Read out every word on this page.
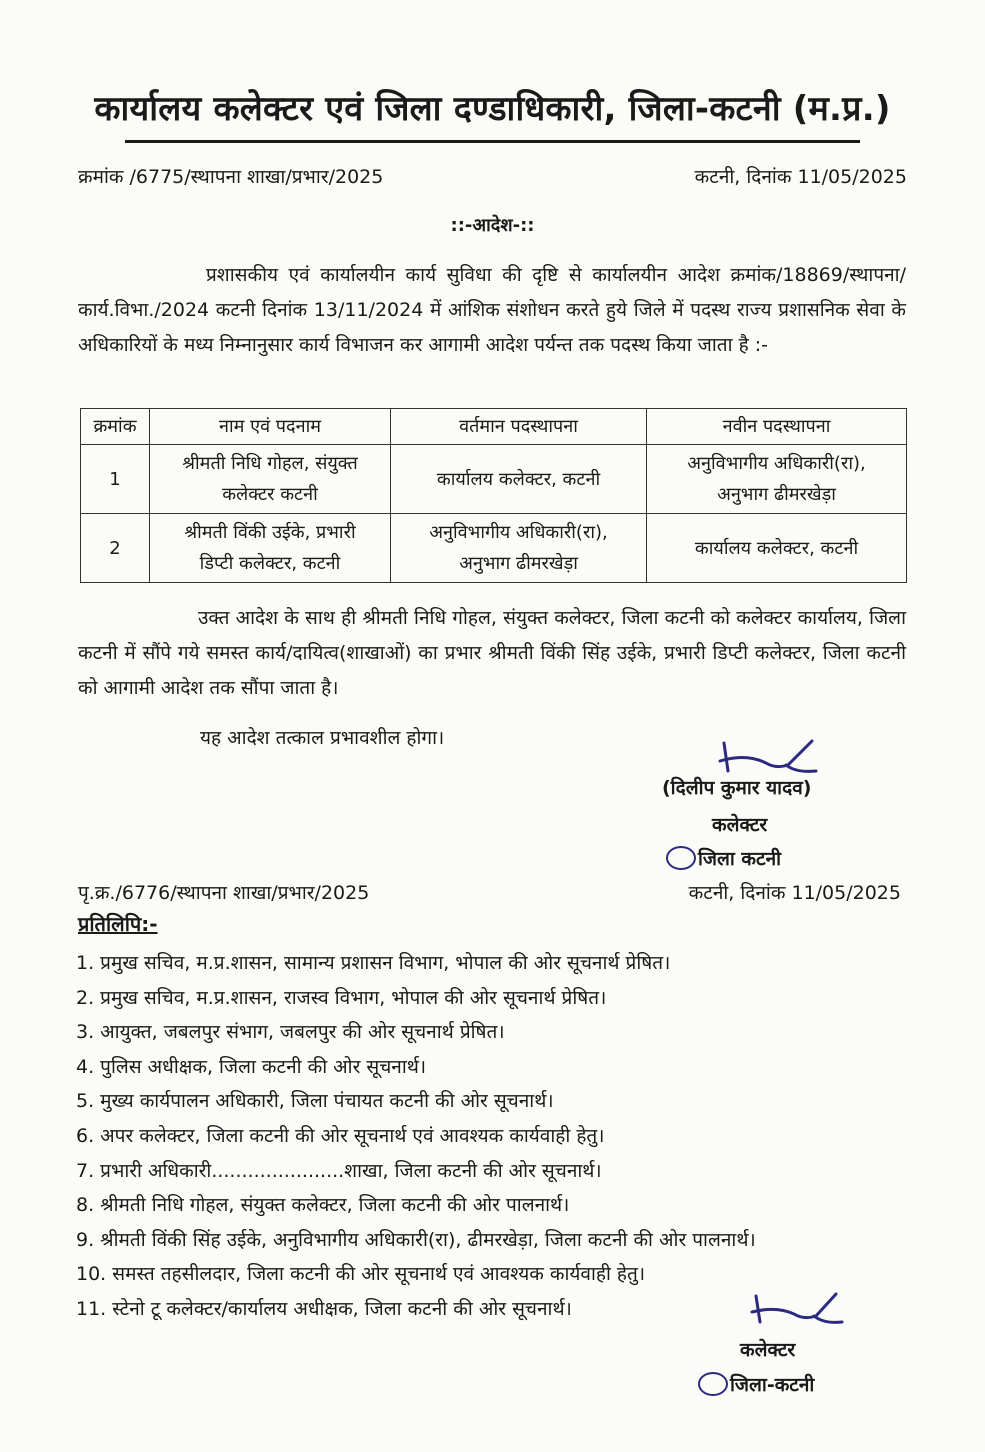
कार्यालय कलेक्टर एवं जिला दण्डाधिकारी, जिला-कटनी (म.प्र.)
क्रमांक /6775/स्थापना शाखा/प्रभार/2025	कटनी, दिनांक 11/05/2025
::-आदेश-::

प्रशासकीय एवं कार्यालयीन कार्य सुविधा की दृष्टि से कार्यालयीन आदेश क्रमांक/18869/स्थापना/कार्य.विभा./2024 कटनी दिनांक 13/11/2024 में आंशिक संशोधन करते हुये जिले में पदस्थ राज्य प्रशासनिक सेवा के अधिकारियों के मध्य निम्नानुसार कार्य विभाजन कर आगामी आदेश पर्यन्त तक पदस्थ किया जाता है :-

क्रमांक	नाम एवं पदनाम	वर्तमान पदस्थापना	नवीन पदस्थापना
1	श्रीमती निधि गोहल, संयुक्त
कलेक्टर कटनी	कार्यालय कलेक्टर, कटनी	अनुविभागीय अधिकारी(रा),
अनुभाग ढीमरखेड़ा

2	श्रीमती विंकी उईके, प्रभारी
डिप्टी कलेक्टर, कटनी	अनुविभागीय अधिकारी(रा),
अनुभाग ढीमरखेड़ा	कार्यालय कलेक्टर, कटनी

उक्त आदेश के साथ ही श्रीमती निधि गोहल, संयुक्त कलेक्टर, जिला कटनी को कलेक्टर कार्यालय, जिला कटनी में सौंपे गये समस्त कार्य/दायित्व(शाखाओं) का प्रभार श्रीमती विंकी सिंह उईके, प्रभारी डिप्टी कलेक्टर, जिला कटनी को आगामी आदेश तक सौंपा जाता है।

यह आदेश तत्काल प्रभावशील होगा।
(दिलीप कुमार यादव)
कलेक्टर
जिला कटनी
पृ.क्र./6776/स्थापना शाखा/प्रभार/2025	कटनी, दिनांक 11/05/2025
प्रतिलिपि:-
1. प्रमुख सचिव, म.प्र.शासन, सामान्य प्रशासन विभाग, भोपाल की ओर सूचनार्थ प्रेषित।
2. प्रमुख सचिव, म.प्र.शासन, राजस्व विभाग, भोपाल की ओर सूचनार्थ प्रेषित।
3. आयुक्त, जबलपुर संभाग, जबलपुर की ओर सूचनार्थ प्रेषित।
4. पुलिस अधीक्षक, जिला कटनी की ओर सूचनार्थ।
5. मुख्य कार्यपालन अधिकारी, जिला पंचायत कटनी की ओर सूचनार्थ।
6. अपर कलेक्टर, जिला कटनी की ओर सूचनार्थ एवं आवश्यक कार्यवाही हेतु।
7. प्रभारी अधिकारी......................शाखा, जिला कटनी की ओर सूचनार्थ।
8. श्रीमती निधि गोहल, संयुक्त कलेक्टर, जिला कटनी की ओर पालनार्थ।
9. श्रीमती विंकी सिंह उईके, अनुविभागीय अधिकारी(रा), ढीमरखेड़ा, जिला कटनी की ओर पालनार्थ।
10. समस्त तहसीलदार, जिला कटनी की ओर सूचनार्थ एवं आवश्यक कार्यवाही हेतु।
11. स्टेनो टू कलेक्टर/कार्यालय अधीक्षक, जिला कटनी की ओर सूचनार्थ।
कलेक्टर
जिला-कटनी
